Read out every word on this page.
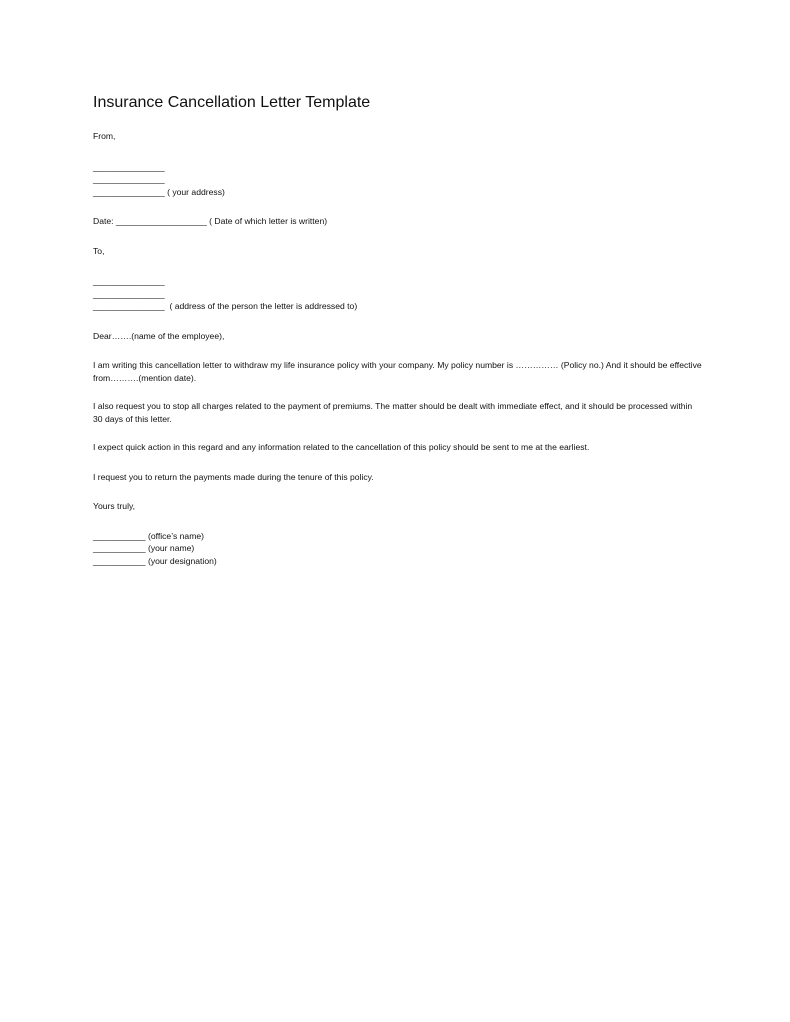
Insurance Cancellation Letter Template

From,

_______________

_______________

_______________ ( your address)

Date: ___________________ ( Date of which letter is written)

To,

_______________

_______________

_______________  ( address of the person the letter is addressed to)

Dear…….(name of the employee),

I am writing this cancellation letter to withdraw my life insurance policy with your company. My policy number is …………… (Policy no.) And it should be effective from……….(mention date).

I also request you to stop all charges related to the payment of premiums. The matter should be dealt with immediate effect, and it should be processed within 30 days of this letter.

I expect quick action in this regard and any information related to the cancellation of this policy should be sent to me at the earliest.

I request you to return the payments made during the tenure of this policy.

Yours truly,

___________ (office’s name)

___________ (your name)

___________ (your designation)
